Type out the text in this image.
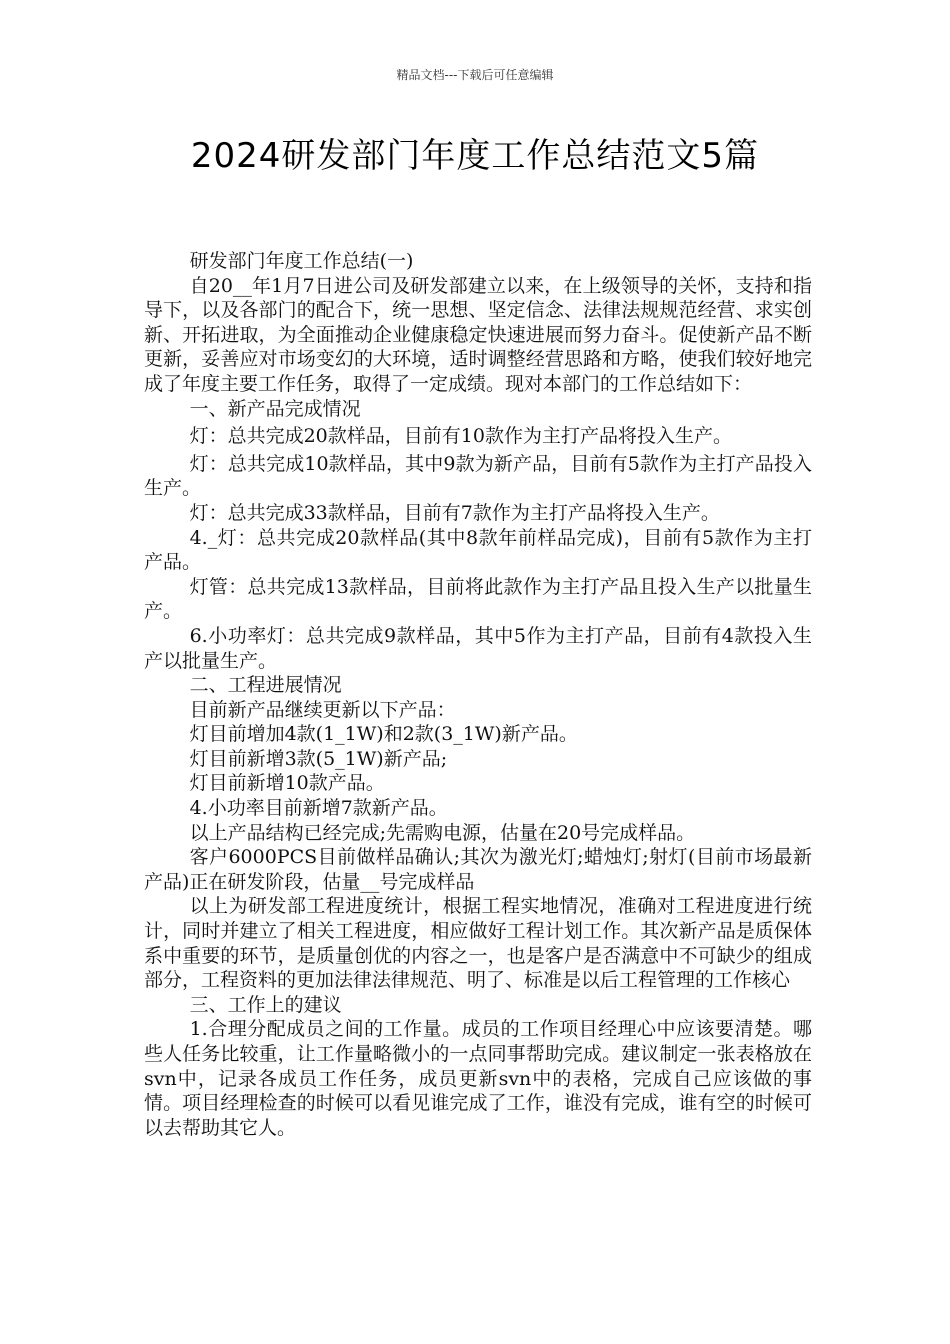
精品文档---下载后可任意编辑
2024研发部门年度工作总结范文5篇

研发部门年度工作总结(一)

自20__年1月7日进公司及研发部建立以来，在上级领导的关怀，支持和指导下，以及各部门的配合下，统一思想、坚定信念、法律法规规范经营、求实创新、开拓进取，为全面推动企业健康稳定快速进展而努力奋斗。促使新产品不断更新，妥善应对市场变幻的大环境，适时调整经营思路和方略，使我们较好地完成了年度主要工作任务，取得了一定成绩。现对本部门的工作总结如下：

一、新产品完成情况

灯：总共完成20款样品，目前有10款作为主打产品将投入生产。

灯：总共完成10款样品，其中9款为新产品，目前有5款作为主打产品投入生产。

灯：总共完成33款样品，目前有7款作为主打产品将投入生产。

4._灯：总共完成20款样品(其中8款年前样品完成)，目前有5款作为主打产品。

灯管：总共完成13款样品，目前将此款作为主打产品且投入生产以批量生产。

6.小功率灯：总共完成9款样品，其中5作为主打产品，目前有4款投入生产以批量生产。

二、工程进展情况

目前新产品继续更新以下产品：

灯目前增加4款(1_1W)和2款(3_1W)新产品。

灯目前新增3款(5_1W)新产品;

灯目前新增10款产品。

4.小功率目前新增7款新产品。

以上产品结构已经完成;先需购电源，估量在20号完成样品。

客户6000PCS目前做样品确认;其次为激光灯;蜡烛灯;射灯(目前市场最新产品)正在研发阶段，估量__号完成样品

以上为研发部工程进度统计，根据工程实地情况，准确对工程进度进行统计，同时并建立了相关工程进度，相应做好工程计划工作。其次新产品是质保体系中重要的环节，是质量创优的内容之一，也是客户是否满意中不可缺少的组成部分，工程资料的更加法律法律规范、明了、标准是以后工程管理的工作核心

三、工作上的建议

1.合理分配成员之间的工作量。成员的工作项目经理心中应该要清楚。哪些人任务比较重，让工作量略微小的一点同事帮助完成。建议制定一张表格放在svn中，记录各成员工作任务，成员更新svn中的表格，完成自己应该做的事情。项目经理检查的时候可以看见谁完成了工作，谁没有完成，谁有空的时候可以去帮助其它人。
